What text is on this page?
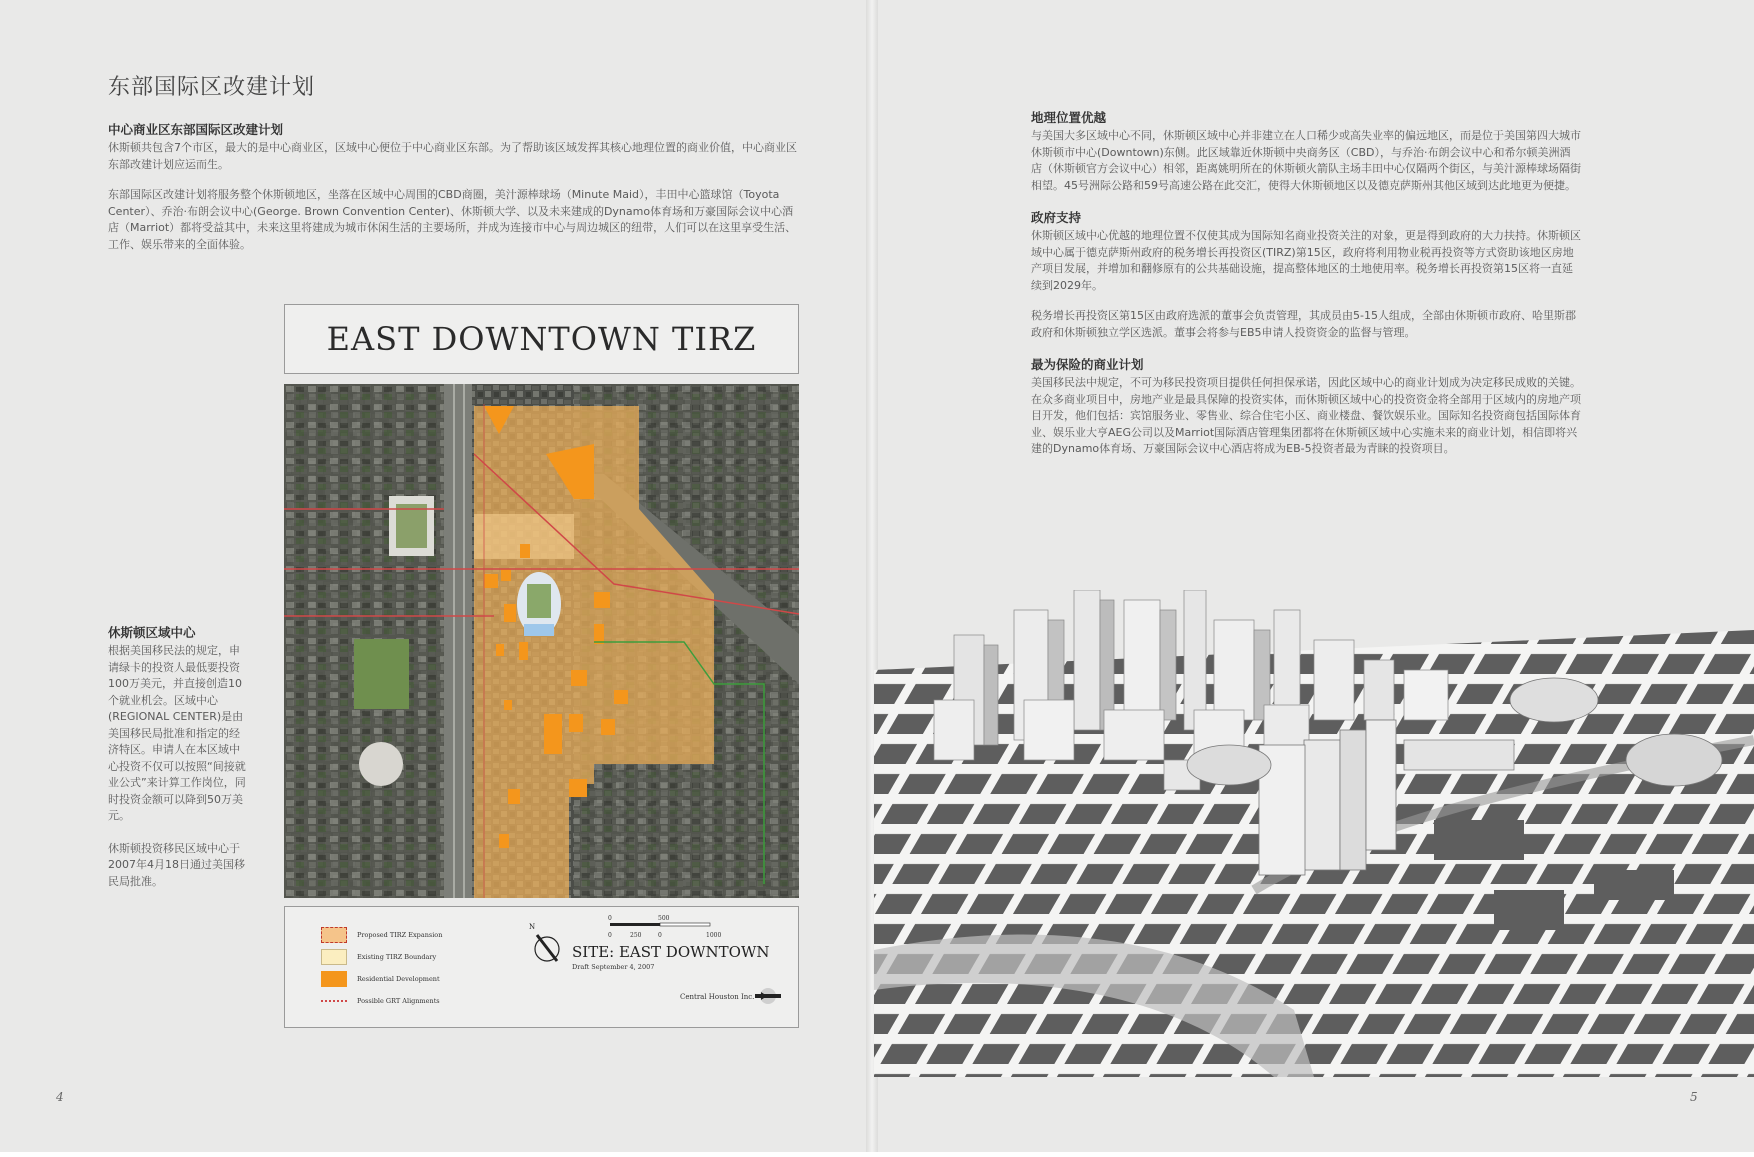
东部国际区改建计划
中心商业区东部国际区改建计划

休斯顿共包含7个市区，最大的是中心商业区，区域中心便位于中心商业区东部。为了帮助该区域发挥其核心地理位置的商业价值，中心商业区东部改建计划应运而生。

东部国际区改建计划将服务整个休斯顿地区，坐落在区域中心周围的CBD商圈，美汁源棒球场（Minute Maid），丰田中心篮球馆（Toyota Center）、乔治·布朗会议中心(George. Brown Convention Center)、休斯顿大学、以及未来建成的Dynamo体育场和万豪国际会议中心酒店（Marriot）都将受益其中，未来这里将建成为城市休闲生活的主要场所，并成为连接市中心与周边城区的纽带，人们可以在这里享受生活、工作、娱乐带来的全面体验。

休斯顿区域中心

根据美国移民法的规定，申请绿卡的投资人最低要投资100万美元，并直接创造10个就业机会。区域中心(REGIONAL CENTER)是由美国移民局批准和指定的经济特区。申请人在本区域中心投资不仅可以按照“间接就业公式”来计算工作岗位，同时投资金额可以降到50万美元。

休斯顿投资移民区域中心于2007年4月18日通过美国移民局批准。

EAST DOWNTOWN TIRZ
Proposed TIRZ Expansion
Existing TIRZ Boundary
Residential Development
Possible GRT Alignments
N
0	500
0	250	0	1000
SITE: EAST DOWNTOWN
Draft September 4, 2007
Central Houston Inc.
4
地理位置优越

与美国大多区域中心不同，休斯顿区域中心并非建立在人口稀少或高失业率的偏远地区，而是位于美国第四大城市休斯顿市中心(Downtown)东侧。此区域靠近休斯顿中央商务区（CBD），与乔治·布朗会议中心和希尔顿美洲酒店（休斯顿官方会议中心）相邻，距离姚明所在的休斯顿火箭队主场丰田中心仅隔两个街区，与美汁源棒球场隔街相望。45号洲际公路和59号高速公路在此交汇，使得大休斯顿地区以及德克萨斯州其他区域到达此地更为便捷。

政府支持

休斯顿区域中心优越的地理位置不仅使其成为国际知名商业投资关注的对象，更是得到政府的大力扶持。休斯顿区域中心属于德克萨斯州政府的税务增长再投资区(TIRZ)第15区，政府将利用物业税再投资等方式资助该地区房地产项目发展，并增加和翻修原有的公共基础设施，提高整体地区的土地使用率。税务增长再投资第15区将一直延续到2029年。

税务增长再投资区第15区由政府选派的董事会负责管理，其成员由5-15人组成，全部由休斯顿市政府、哈里斯郡政府和休斯顿独立学区选派。董事会将参与EB5申请人投资资金的监督与管理。

最为保险的商业计划

美国移民法中规定，不可为移民投资项目提供任何担保承诺，因此区域中心的商业计划成为决定移民成败的关键。在众多商业项目中，房地产业是最具保障的投资实体，而休斯顿区域中心的投资资金将全部用于区域内的房地产项目开发，他们包括：宾馆服务业、零售业、综合住宅小区、商业楼盘、餐饮娱乐业。国际知名投资商包括国际体育业、娱乐业大亨AEG公司以及Marriot国际酒店管理集团都将在休斯顿区域中心实施未来的商业计划，相信即将兴建的Dynamo体育场、万豪国际会议中心酒店将成为EB-5投资者最为青睐的投资项目。

5
